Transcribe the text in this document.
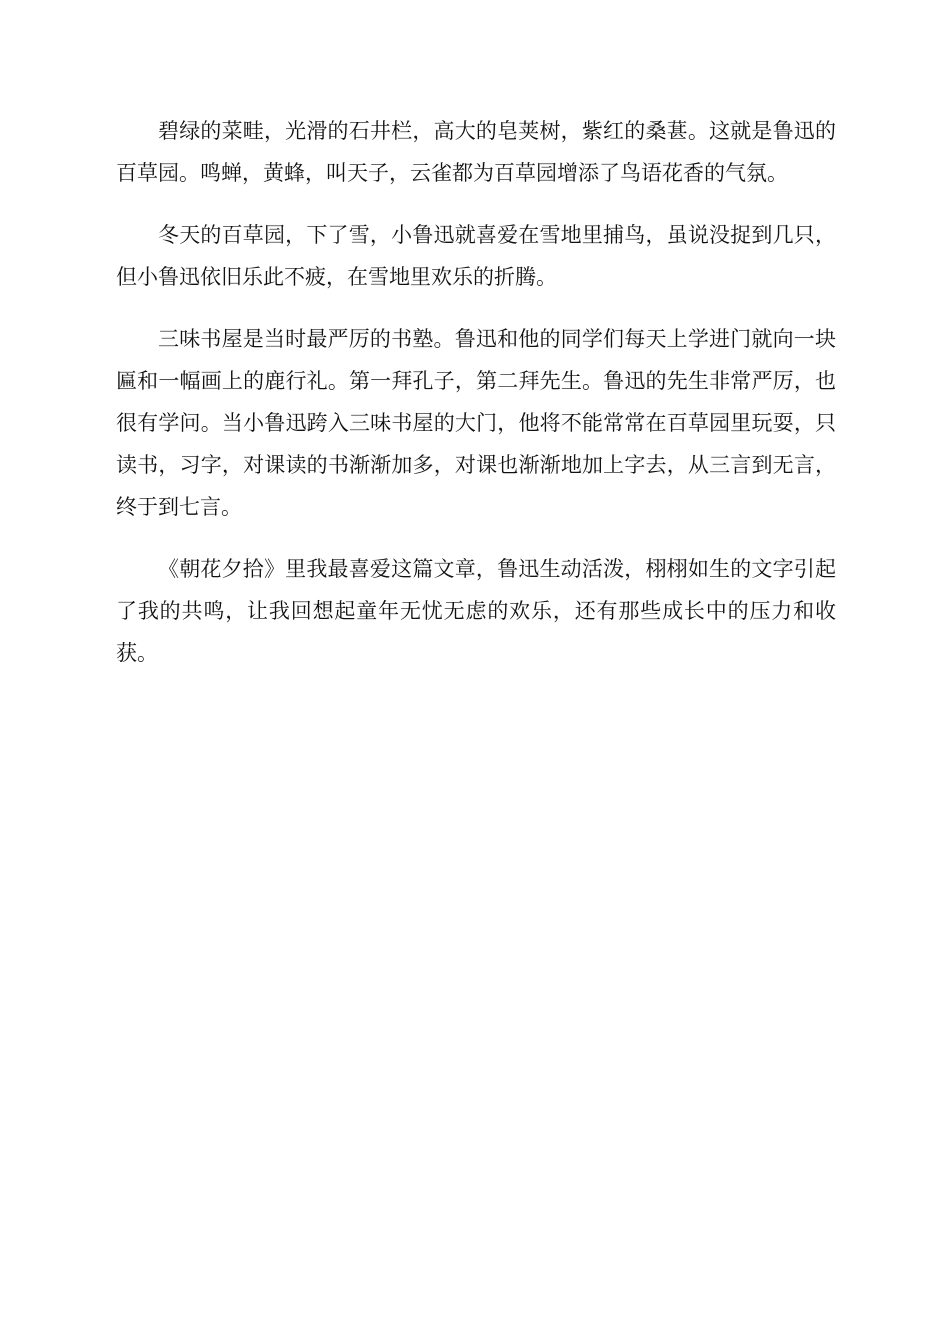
碧绿的菜畦，光滑的石井栏，高大的皂荚树，紫红的桑葚。这就是鲁迅的百草园。鸣蝉，黄蜂，叫天子，云雀都为百草园增添了鸟语花香的气氛。

冬天的百草园，下了雪，小鲁迅就喜爱在雪地里捕鸟，虽说没捉到几只，但小鲁迅依旧乐此不疲，在雪地里欢乐的折腾。

三味书屋是当时最严厉的书塾。鲁迅和他的同学们每天上学进门就向一块匾和一幅画上的鹿行礼。第一拜孔子，第二拜先生。鲁迅的先生非常严厉，也很有学问。当小鲁迅跨入三味书屋的大门，他将不能常常在百草园里玩耍，只读书，习字，对课读的书渐渐加多，对课也渐渐地加上字去，从三言到无言，终于到七言。

《朝花夕拾》里我最喜爱这篇文章，鲁迅生动活泼，栩栩如生的文字引起了我的共鸣，让我回想起童年无忧无虑的欢乐，还有那些成长中的压力和收获。
